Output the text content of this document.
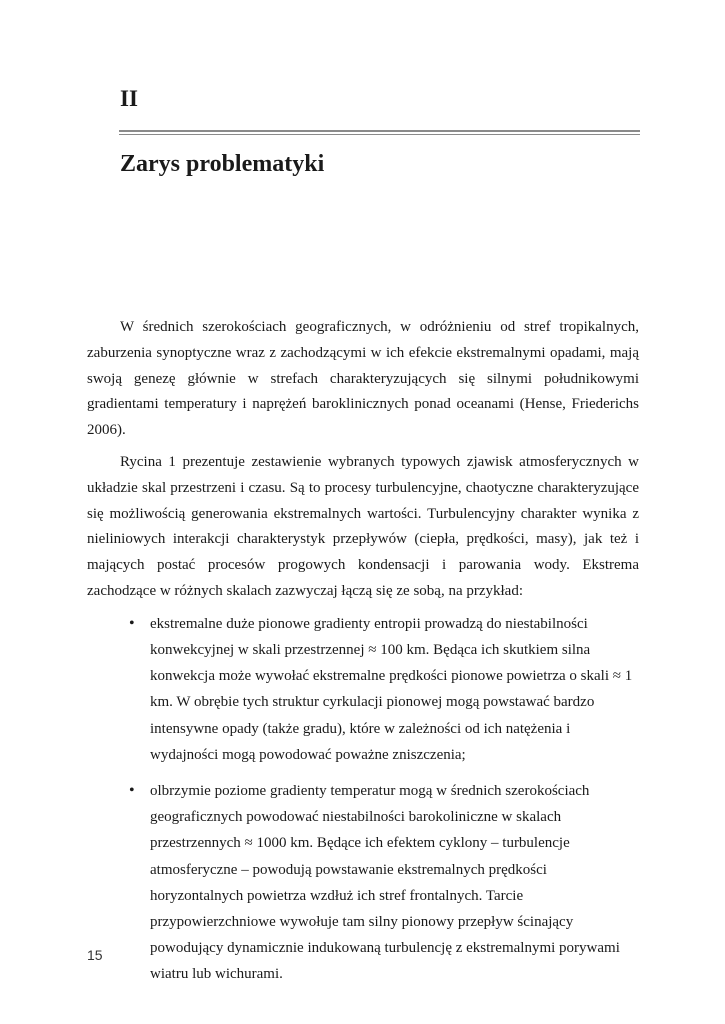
II
Zarys problematyki

W średnich szerokościach geograficznych, w odróżnieniu od stref tropikalnych, zaburzenia synoptyczne wraz z zachodzącymi w ich efekcie ekstremalnymi opadami, mają swoją genezę głównie w strefach charakteryzujących się silnymi południkowymi gradientami temperatury i naprężeń baroklinicznych ponad oceanami (Hense, Friederichs 2006).

Rycina 1 prezentuje zestawienie wybranych typowych zjawisk atmosferycznych w układzie skal przestrzeni i czasu. Są to procesy turbulencyjne, chaotyczne charakteryzujące się możliwością generowania ekstremalnych wartości. Turbulencyjny charakter wynika z nieliniowych interakcji charakterystyk przepływów (ciepła, prędkości, masy), jak też i mających postać procesów progowych kondensacji i parowania wody. Ekstrema zachodzące w różnych skalach zazwyczaj łączą się ze sobą, na przykład:

• ekstremalne duże pionowe gradienty entropii prowadzą do niestabilności konwekcyjnej w skali przestrzennej ≈ 100 km. Będąca ich skutkiem silna konwekcja może wywołać ekstremalne prędkości pionowe powietrza o skali ≈ 1 km. W obrębie tych struktur cyrkulacji pionowej mogą powstawać bardzo intensywne opady (także gradu), które w zależności od ich natężenia i wydajności mogą powodować poważne zniszczenia;
• olbrzymie poziome gradienty temperatur mogą w średnich szerokościach geograficznych powodować niestabilności barokoliniczne w skalach przestrzennych ≈ 1000 km. Będące ich efektem cyklony – turbulencje atmosferyczne – powodują powstawanie ekstremalnych prędkości horyzontalnych powietrza wzdłuż ich stref frontalnych. Tarcie przypowierzchniowe wywołuje tam silny pionowy przepływ ścinający powodujący dynamicznie indukowaną turbulencję z ekstremalnymi porywami wiatru lub wichurami.
15
